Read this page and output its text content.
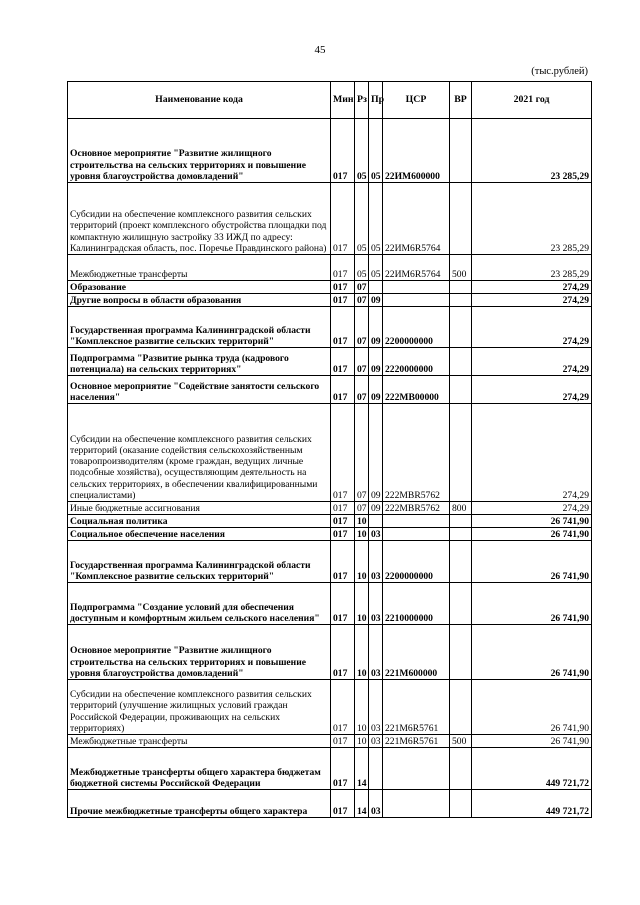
45
(тыс.рублей)
Наименование кода	Мин	Рз	Пр	ЦСР	ВР	2021 год
Основное мероприятие "Развитие жилищного строительства на сельских территориях и повышение уровня благоустройства домовладений"	017	05	05	22ИМ600000		23 285,29
Субсидии на обеспечение комплексного развития сельских территорий (проект комплексного обустройства площадки под компактную жилищную застройку 33 ИЖД по адресу: Калининградская область, пос. Поречье Правдинского района)	017	05	05	22ИМ6R5764		23 285,29
Межбюджетные трансферты	017	05	05	22ИМ6R5764	500	23 285,29
Образование	017	07				274,29
Другие вопросы в области образования	017	07	09			274,29
Государственная программа Калининградской области "Комплексное развитие сельских территорий"	017	07	09	2200000000		274,29
Подпрограмма "Развитие рынка труда (кадрового потенциала) на сельских территориях"	017	07	09	2220000000		274,29
Основное мероприятие "Содействие занятости сельского населения"	017	07	09	222МВ00000		274,29
Субсидии на обеспечение комплексного развития сельских территорий (оказание содействия сельскохозяйственным товаропроизводителям (кроме граждан, ведущих личные подсобные хозяйства), осуществляющим деятельность на сельских территориях, в обеспечении квалифицированными специалистами)	017	07	09	222МВR5762		274,29
Иные бюджетные ассигнования	017	07	09	222МВR5762	800	274,29
Социальная политика	017	10				26 741,90
Социальное обеспечение населения	017	10	03			26 741,90
Государственная программа Калининградской области "Комплексное развитие сельских территорий"	017	10	03	2200000000		26 741,90
Подпрограмма "Создание условий для обеспечения доступным и комфортным жильем сельского населения"	017	10	03	2210000000		26 741,90
Основное мероприятие "Развитие жилищного строительства на сельских территориях и повышение уровня благоустройства домовладений"	017	10	03	221М600000		26 741,90
Субсидии на обеспечение комплексного развития сельских территорий (улучшение жилищных условий граждан Российской Федерации, проживающих на сельских территориях)	017	10	03	221М6R5761		26 741,90
Межбюджетные трансферты	017	10	03	221М6R5761	500	26 741,90
Межбюджетные трансферты общего характера бюджетам бюджетной системы Российской Федерации	017	14				449 721,72
Прочие межбюджетные трансферты общего характера	017	14	03			449 721,72
